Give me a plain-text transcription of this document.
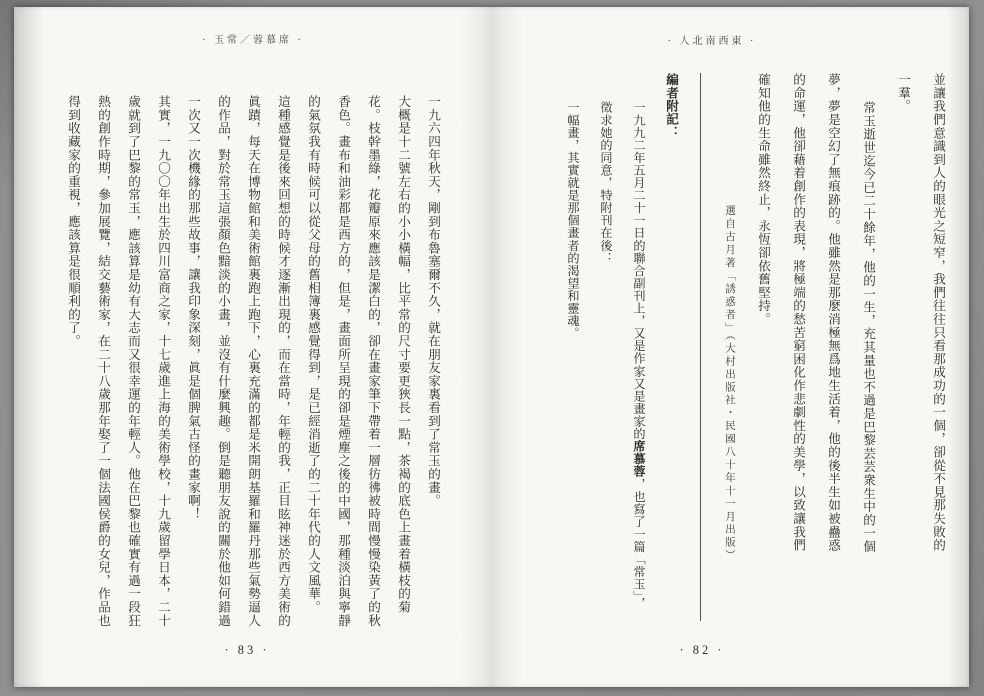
· 人北南西東 ·

並讓我們意識到人的眼光之短窄，我們往往只看那成功的一個，卻從不見那失敗的

一羣。

常玉逝世迄今已二十餘年，他的一生，充其量也不過是巴黎芸芸衆生中的一個

夢，夢是空幻了無痕跡的。他雖然是那麼消極無爲地生活着，他的後半生如被蠱惑

的命運，他卻藉着創作的表現，將極端的愁苦窮困化作悲劇性的美學，以致讓我們

確知他的生命雖然終止，永恆卻依舊堅持。

選自古月著「誘惑者」（大村出版社・民國八十年十一月出版）

編者附記：

一九九二年五月二十一日的聯合副刊上，又是作家又是畫家的席慕蓉，也寫了一篇「常玉」，

徵求她的同意，特附刊在後：

一幅畫，其實就是那個畫者的渴望和靈魂。

· 82 ·
· 玉常／蓉慕席 ·

一九六四年秋天，剛到布魯塞爾不久，就在朋友家裏看到了常玉的畫。

大概是十二號左右的小小橫幅，比平常的尺寸要更狹長一點，茶褐的底色上畫着橫枝的菊

花。枝幹墨綠，花瓣原來應該是潔白的，卻在畫家筆下帶着一層彷彿被時間慢慢染黃了的秋

香色。畫布和油彩都是西方的，但是，畫面所呈現的卻是煙塵之後的中國，那種淡泊與寧靜

的氣氛我有時候可以從父母的舊相簿裏感覺得到，是已經消逝了的二十年代的人文風華。

這種感覺是後來回想的時候才逐漸出現的，而在當時，年輕的我，正目眩神迷於西方美術的

眞蹟，每天在博物館和美術館裏跑上跑下，心裏充滿的都是米開朗基羅和羅丹那些氣勢逼人

的作品，對於常玉這張顏色黯淡的小畫，並沒有什麼興趣。倒是聽朋友說的關於他如何錯過

一次又一次機緣的那些故事，讓我印象深刻，眞是個脾氣古怪的畫家啊！

其實，一九〇〇年出生於四川富商之家，十七歲進上海的美術學校，十九歲留學日本，二十

歲就到了巴黎的常玉，應該算是幼有大志而又很幸運的年輕人。他在巴黎也確實有過一段狂

熱的創作時期，參加展覽，結交藝術家，在二十八歲那年娶了一個法國侯爵的女兒，作品也

得到收藏家的重視，應該算是很順利的了。

· 83 ·
